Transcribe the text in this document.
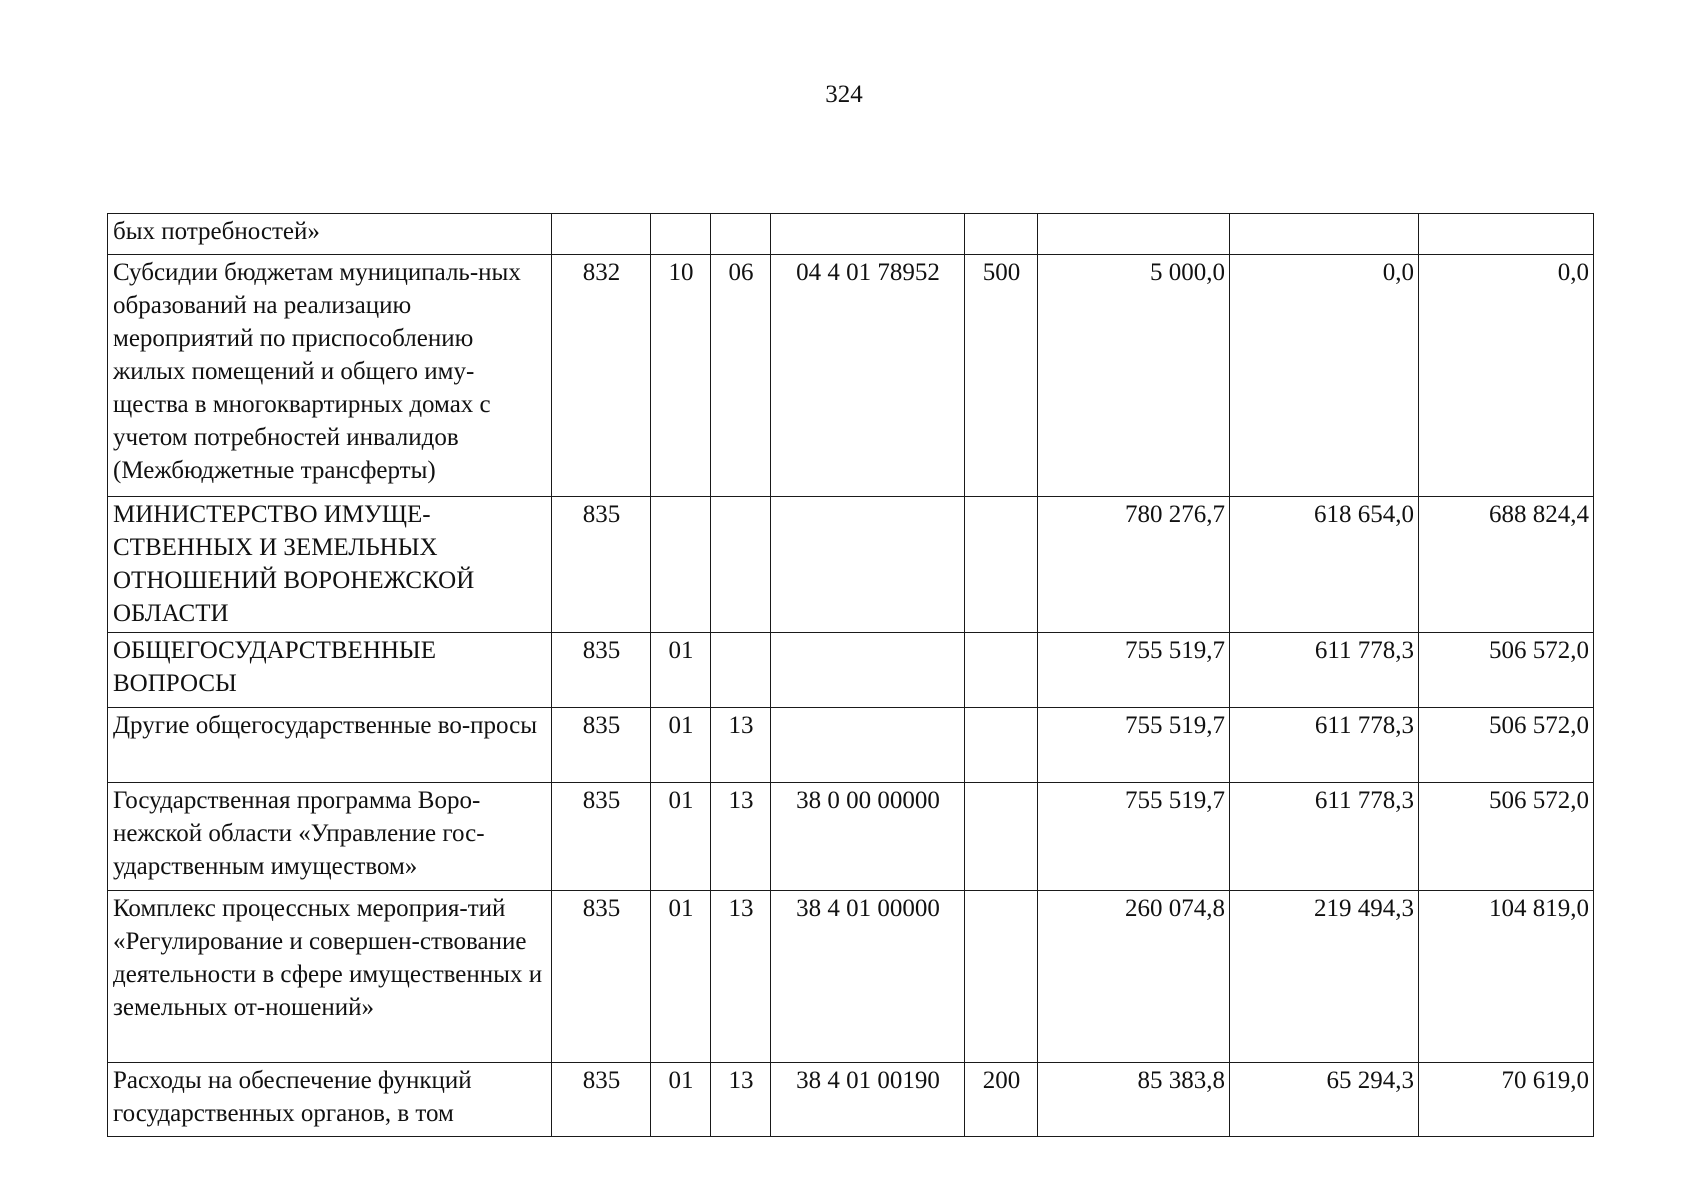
324
бых потребностей»								
Субсидии бюджетам муниципаль-ных образований на реализацию мероприятий по приспособлению жилых помещений и общего иму-щества в многоквартирных домах с учетом потребностей инвалидов (Межбюджетные трансферты)	832	10	06	04 4 01 78952	500	5 000,0	0,0	0,0
МИНИСТЕРСТВО ИМУЩЕ-СТВЕННЫХ И ЗЕМЕЛЬНЫХ ОТНОШЕНИЙ ВОРОНЕЖСКОЙ ОБЛАСТИ	835					780 276,7	618 654,0	688 824,4
ОБЩЕГОСУДАРСТВЕННЫЕ ВОПРОСЫ	835	01				755 519,7	611 778,3	506 572,0
Другие общегосударственные во-просы	835	01	13			755 519,7	611 778,3	506 572,0
Государственная программа Воро-нежской области «Управление гос-ударственным имуществом»	835	01	13	38 0 00 00000		755 519,7	611 778,3	506 572,0
Комплекс процессных мероприя-тий «Регулирование и совершен-ствование деятельности в сфере имущественных и земельных от-ношений»	835	01	13	38 4 01 00000		260 074,8	219 494,3	104 819,0
Расходы на обеспечение функций государственных органов, в том	835	01	13	38 4 01 00190	200	85 383,8	65 294,3	70 619,0
